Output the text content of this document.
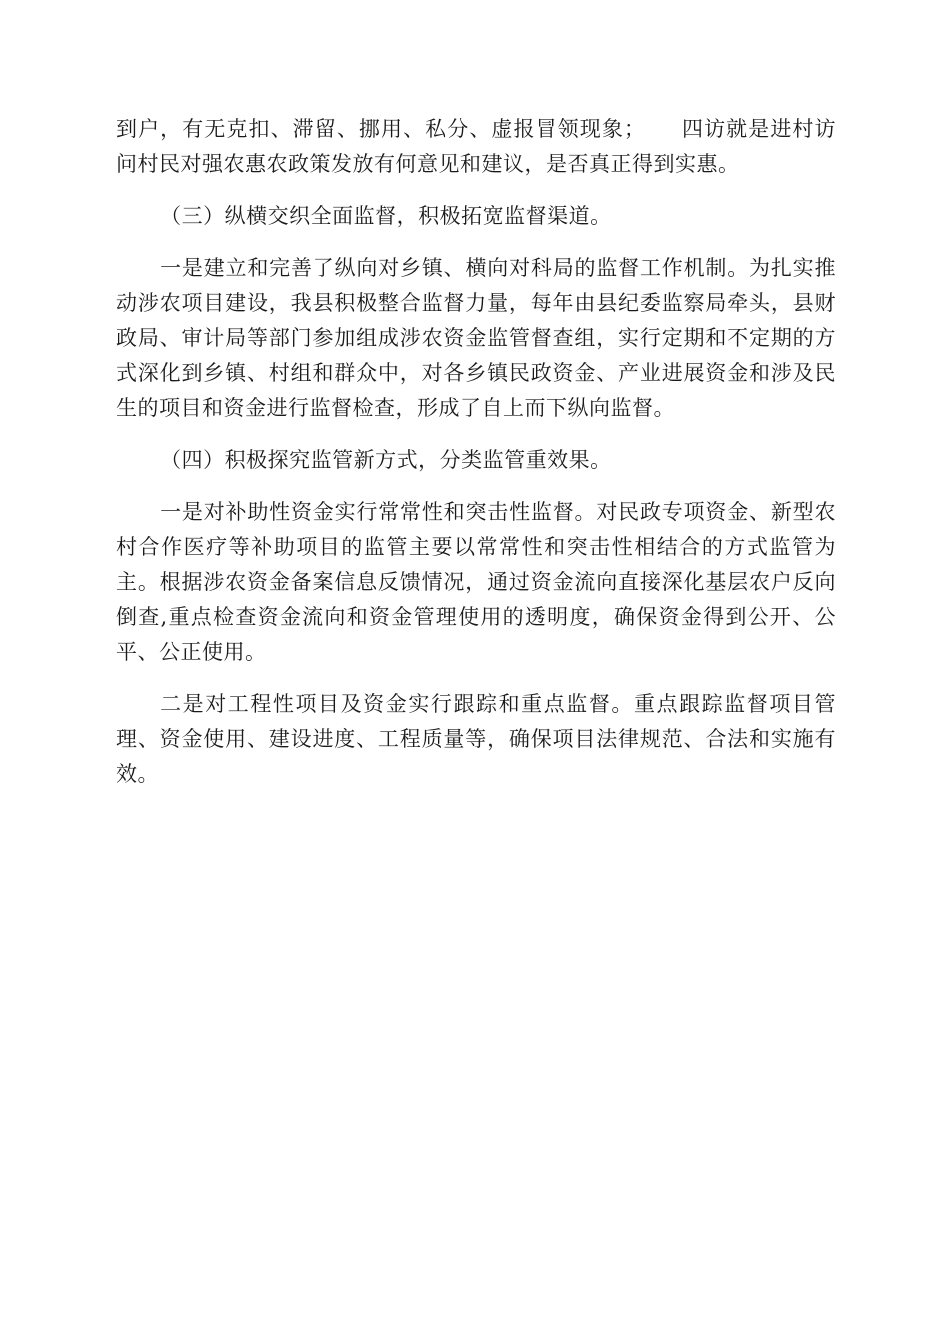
到户，有无克扣、滞留、挪用、私分、虚报冒领现象； 四访就是进村访问村民对强农惠农政策发放有何意见和建议，是否真正得到实惠。

（三）纵横交织全面监督，积极拓宽监督渠道。

一是建立和完善了纵向对乡镇、横向对科局的监督工作机制。为扎实推动涉农项目建设，我县积极整合监督力量，每年由县纪委监察局牵头，县财政局、审计局等部门参加组成涉农资金监管督查组，实行定期和不定期的方式深化到乡镇、村组和群众中，对各乡镇民政资金、产业进展资金和涉及民生的项目和资金进行监督检查，形成了自上而下纵向监督。

（四）积极探究监管新方式，分类监管重效果。

一是对补助性资金实行常常性和突击性监督。对民政专项资金、新型农村合作医疗等补助项目的监管主要以常常性和突击性相结合的方式监管为主。根据涉农资金备案信息反馈情况，通过资金流向直接深化基层农户反向倒查,重点检查资金流向和资金管理使用的透明度，确保资金得到公开、公平、公正使用。

二是对工程性项目及资金实行跟踪和重点监督。重点跟踪监督项目管理、资金使用、建设进度、工程质量等，确保项目法律规范、合法和实施有效。
